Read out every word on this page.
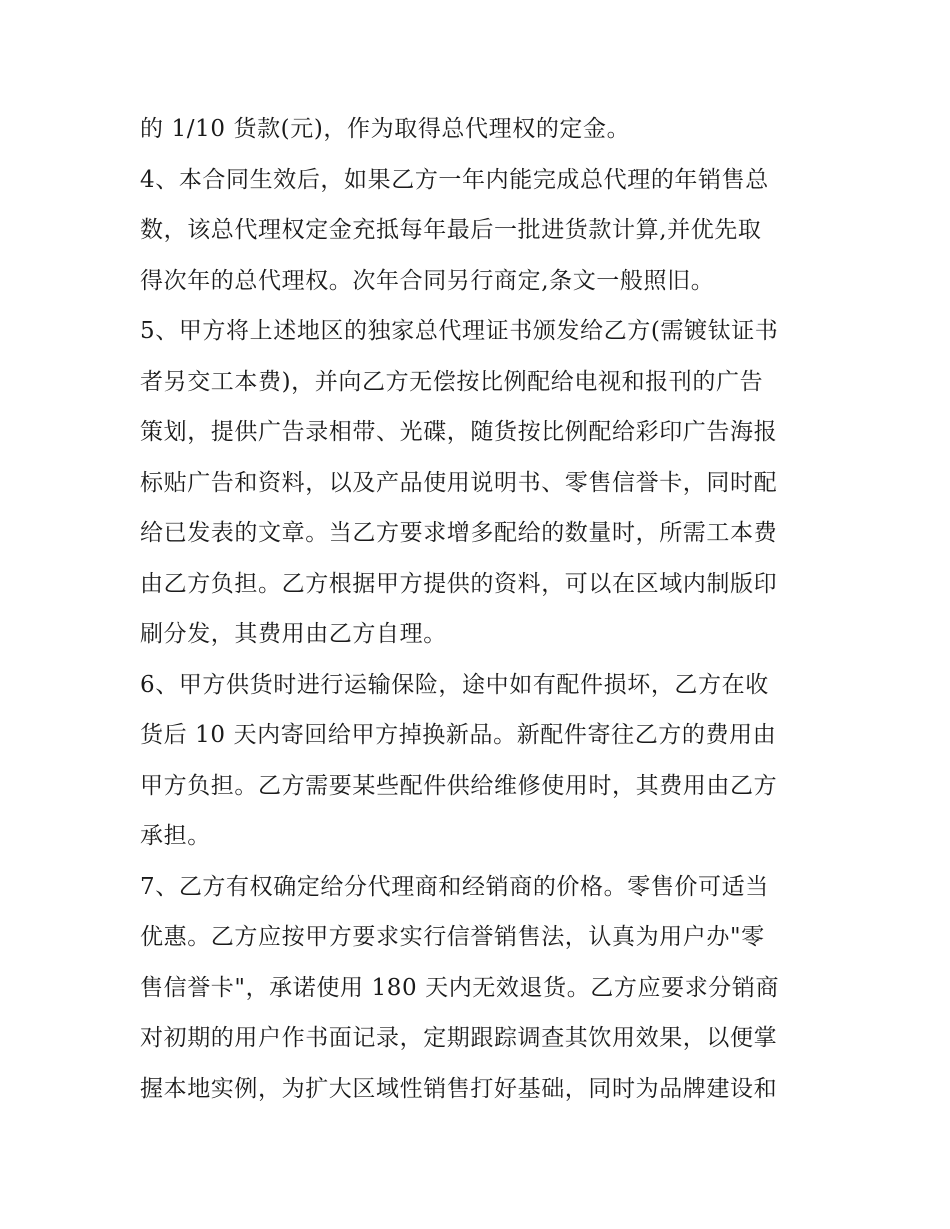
的 1/10 货款(元)，作为取得总代理权的定金。
4、本合同生效后，如果乙方一年内能完成总代理的年销售总
数，该总代理权定金充抵每年最后一批进货款计算,并优先取
得次年的总代理权。次年合同另行商定,条文一般照旧。
5、甲方将上述地区的独家总代理证书颁发给乙方(需镀钛证书
者另交工本费)，并向乙方无偿按比例配给电视和报刊的广告
策划，提供广告录相带、光碟，随货按比例配给彩印广告海报
标贴广告和资料，以及产品使用说明书、零售信誉卡，同时配
给已发表的文章。当乙方要求增多配给的数量时，所需工本费
由乙方负担。乙方根据甲方提供的资料，可以在区域内制版印
刷分发，其费用由乙方自理。
6、甲方供货时进行运输保险，途中如有配件损坏，乙方在收
货后 10 天内寄回给甲方掉换新品。新配件寄往乙方的费用由
甲方负担。乙方需要某些配件供给维修使用时，其费用由乙方
承担。
7、乙方有权确定给分代理商和经销商的价格。零售价可适当
优惠。乙方应按甲方要求实行信誉销售法，认真为用户办"零
售信誉卡"，承诺使用 180 天内无效退货。乙方应要求分销商
对初期的用户作书面记录，定期跟踪调查其饮用效果，以便掌
握本地实例，为扩大区域性销售打好基础，同时为品牌建设和
